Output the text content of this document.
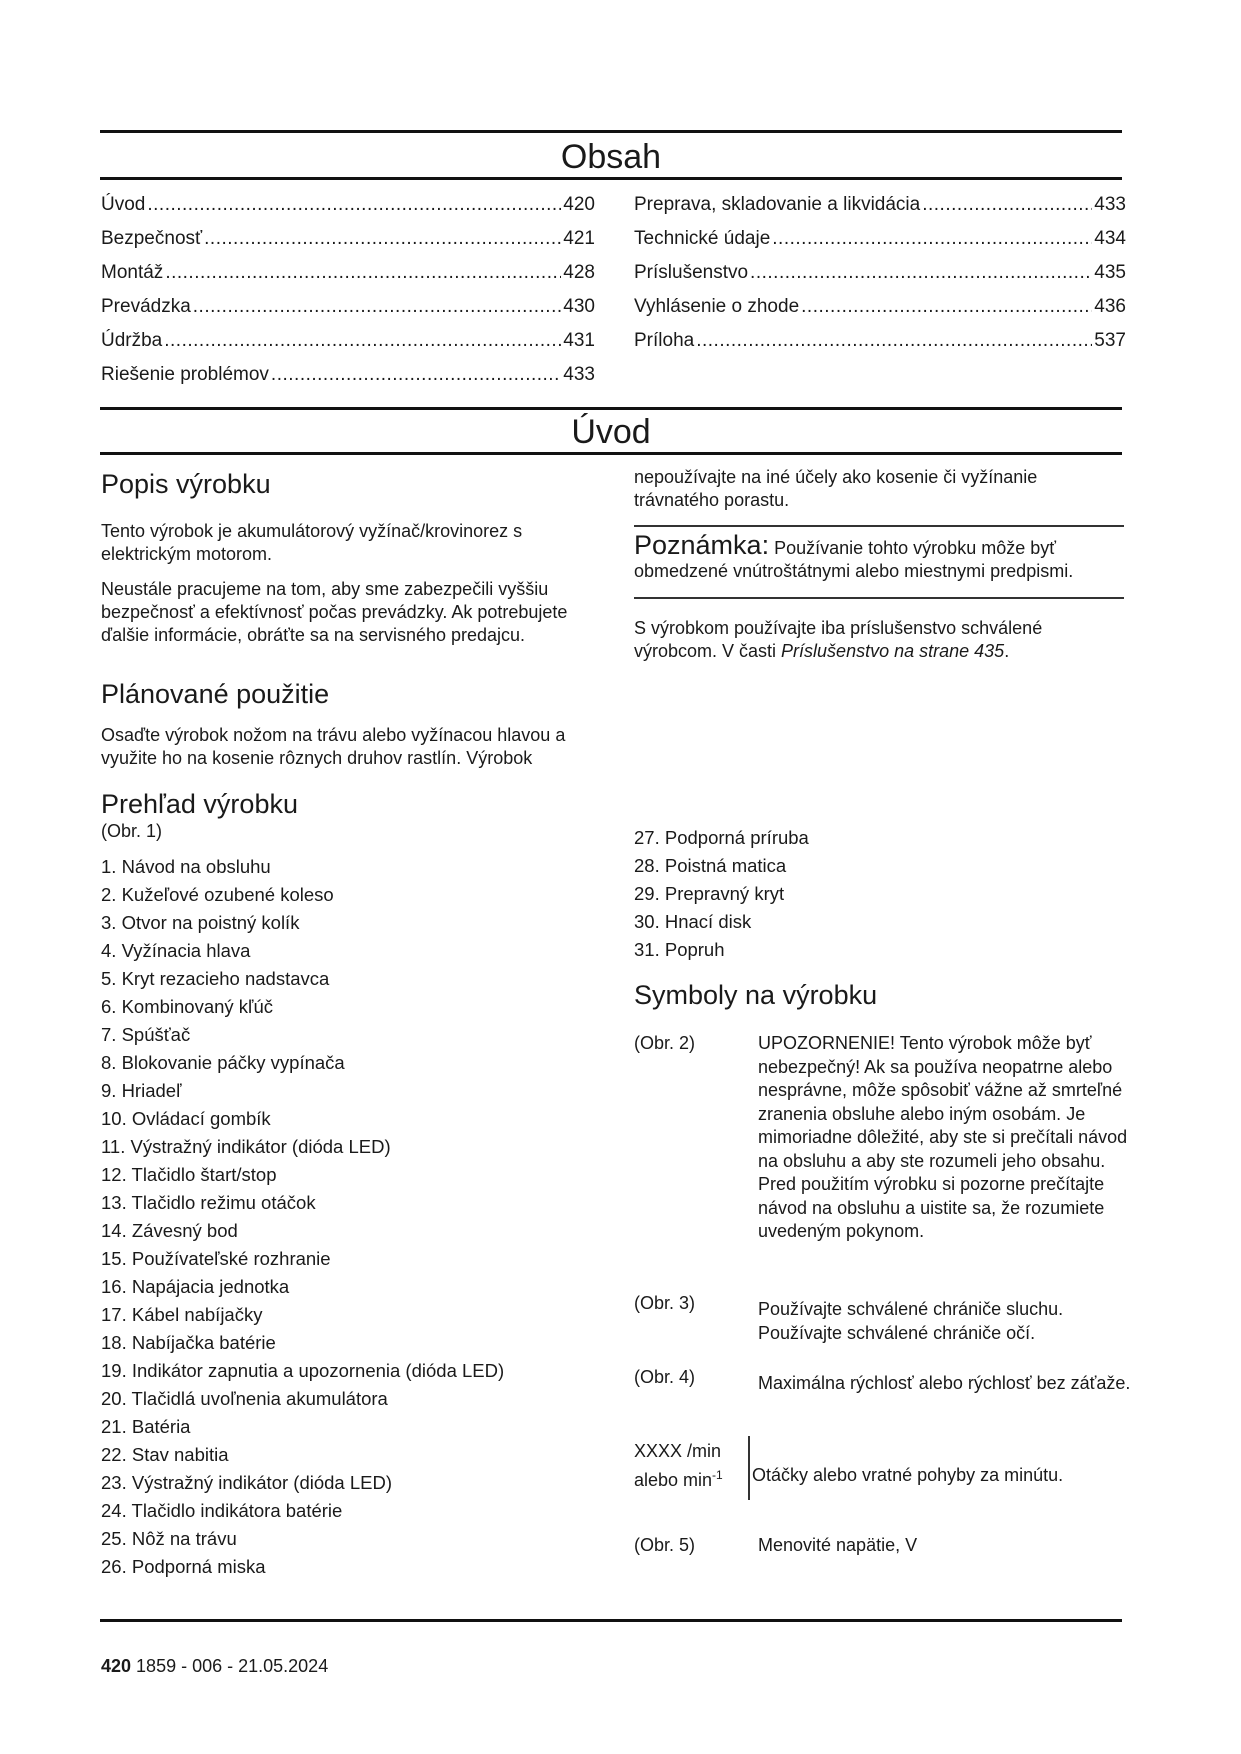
Obsah
Úvod .....	420
Bezpečnosť .....	421
Montáž .....	428
Prevádzka .....	430
Údržba .....	431
Riešenie problémov .....	433
Preprava, skladovanie a likvidácia .....	433
Technické údaje .....	434
Príslušenstvo .....	435
Vyhlásenie o zhode .....	436
Príloha .....	537
Úvod
Popis výrobku

Tento výrobok je akumulátorový vyžínač/krovinorez s elektrickým motorom.

Neustále pracujeme na tom, aby sme zabezpečili vyššiu bezpečnosť a efektívnosť počas prevádzky. Ak potrebujete ďalšie informácie, obráťte sa na servisného predajcu.

Plánované použitie

Osaďte výrobok nožom na trávu alebo vyžínacou hlavou a využite ho na kosenie rôznych druhov rastlín. Výrobok

nepoužívajte na iné účely ako kosenie či vyžínanie trávnatého porastu.

Poznámka: Používanie tohto výrobku môže byť obmedzené vnútroštátnymi alebo miestnymi predpismi.

S výrobkom používajte iba príslušenstvo schválené výrobcom. V časti Príslušenstvo na strane 435.

Prehľad výrobku

(Obr. 1)

1. Návod na obsluhu
2. Kužeľové ozubené koleso
3. Otvor na poistný kolík
4. Vyžínacia hlava
5. Kryt rezacieho nadstavca
6. Kombinovaný kľúč
7. Spúšťač
8. Blokovanie páčky vypínača
9. Hriadeľ
10. Ovládací gombík
11. Výstražný indikátor (dióda LED)
12. Tlačidlo štart/stop
13. Tlačidlo režimu otáčok
14. Závesný bod
15. Používateľské rozhranie
16. Napájacia jednotka
17. Kábel nabíjačky
18. Nabíjačka batérie
19. Indikátor zapnutia a upozornenia (dióda LED)
20. Tlačidlá uvoľnenia akumulátora
21. Batéria
22. Stav nabitia
23. Výstražný indikátor (dióda LED)
24. Tlačidlo indikátora batérie
25. Nôž na trávu
26. Podporná miska
27. Podporná príruba
28. Poistná matica
29. Prepravný kryt
30. Hnací disk
31. Popruh
Symboly na výrobku
(Obr. 2)	UPOZORNENIE! Tento výrobok môže byť nebezpečný! Ak sa používa neopatrne alebo nesprávne, môže spôsobiť vážne až smrteľné zranenia obsluhe alebo iným osobám. Je mimoriadne dôležité, aby ste si prečítali návod na obsluhu a aby ste rozumeli jeho obsahu. Pred použitím výrobku si pozorne prečítajte návod na obsluhu a uistite sa, že rozumiete uvedeným pokynom.
(Obr. 3)	Používajte schválené chrániče sluchu. Používajte schválené chrániče očí.
(Obr. 4)	Maximálna rýchlosť alebo rýchlosť bez záťaže.
XXXX /min
alebo $\min^{-1}$	Otáčky alebo vratné pohyby za minútu.
(Obr. 5)	Menovité napätie, V
420 1859 - 006 - 21.05.2024
